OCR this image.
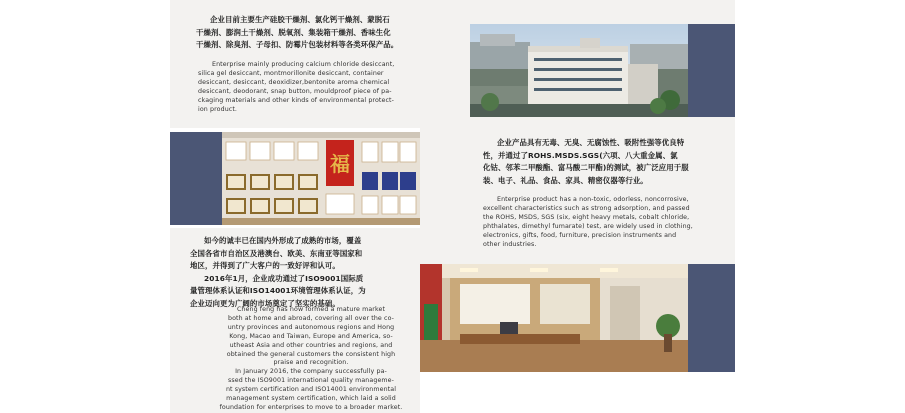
福

企业目前主要生产硅胶干燥剂、氯化钙干燥剂、蒙脱石

干燥剂、膨润土干燥剂、脱氧剂、集装箱干燥剂、香味生化

干燥剂、除臭剂、子母扣、防霉片包装材料等各类环保产品。

Enterprise mainly producing calcium chloride desiccant,

silica gel desiccant, montmorillonite desiccant, container

desiccant, desiccant, deoxidizer,bentonite aroma chemical

desiccant, deodorant, snap button, mouldproof piece of pa-

ckaging materials and other kinds of environmental protect-

ion product.

企业产品具有无毒、无臭、无腐蚀性、吸附性强等优良特

性，并通过了ROHS.MSDS.SGS(六项、八大重金属、氯

化钴、邻苯二甲酸酯、富马酸二甲酯)的测试，被广泛应用于服

装、电子、礼品、食品、家具、精密仪器等行业。

Enterprise product has a non-toxic, odorless, noncorrosive,

excellent characteristics such as strong adsorption, and passed

the ROHS, MSDS, SGS (six, eight heavy metals, cobalt chloride,

phthalates, dimethyl fumarate) test, are widely used in clothing,

electronics, gifts, food, furniture, precision instruments and

other industries.

如今的诚丰已在国内外形成了成熟的市场，覆盖

全国各省市自治区及港澳台、欧美、东南亚等国家和

地区，并得到了广大客户的一致好评和认可。

2016年1月，企业成功通过了ISO9001国际质

量管理体系认证和ISO14001环境管理体系认证，为

企业迈向更为广阔的市场奠定了坚实的基础。

Cheng feng has now formed a mature market

both at home and abroad, covering all over the co-

untry provinces and autonomous regions and Hong

Kong, Macao and Taiwan, Europe and America, so-

utheast Asia and other countries and regions, and

obtained the general customers the consistent high

praise and recognition.

In January 2016, the company successfully pa-

ssed the ISO9001 international quality manageme-

nt system certification and ISO14001 environmental

management system certification, which laid a solid

foundation for enterprises to move to a broader market.
